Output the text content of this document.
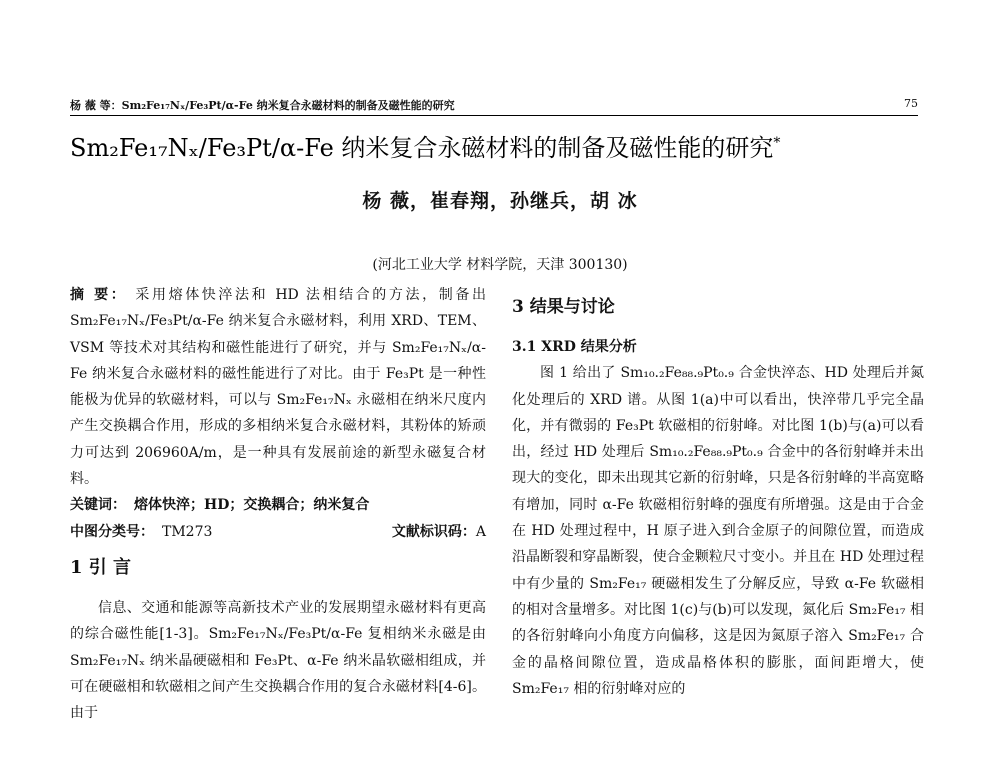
杨 薇 等：Sm₂Fe₁₇Nₓ/Fe₃Pt/α-Fe 纳米复合永磁材料的制备及磁性能的研究	75
Sm₂Fe₁₇Nₓ/Fe₃Pt/α-Fe 纳米复合永磁材料的制备及磁性能的研究*
杨 薇，崔春翔，孙继兵，胡 冰
(河北工业大学 材料学院，天津 300130)

摘 要： 采用熔体快淬法和 HD 法相结合的方法，制备出 Sm₂Fe₁₇Nₓ/Fe₃Pt/α-Fe 纳米复合永磁材料，利用 XRD、TEM、VSM 等技术对其结构和磁性能进行了研究，并与 Sm₂Fe₁₇Nₓ/α-Fe 纳米复合永磁材料的磁性能进行了对比。由于 Fe₃Pt 是一种性能极为优异的软磁材料，可以与 Sm₂Fe₁₇Nₓ 永磁相在纳米尺度内产生交换耦合作用，形成的多相纳米复合永磁材料，其粉体的矫顽力可达到 206960A/m，是一种具有发展前途的新型永磁复合材料。

关键词： 熔体快淬；HD；交换耦合；纳米复合

中图分类号： TM273	文献标识码：A
1 引 言

信息、交通和能源等高新技术产业的发展期望永磁材料有更高的综合磁性能[1-3]。Sm₂Fe₁₇Nₓ/Fe₃Pt/α-Fe 复相纳米永磁是由 Sm₂Fe₁₇Nₓ 纳米晶硬磁相和 Fe₃Pt、α-Fe 纳米晶软磁相组成，并可在硬磁相和软磁相之间产生交换耦合作用的复合永磁材料[4-6]。由于

3 结果与讨论
3.1 XRD 结果分析

图 1 给出了 Sm₁₀.₂Fe₈₈.₉Pt₀.₉ 合金快淬态、HD 处理后并氮化处理后的 XRD 谱。从图 1(a)中可以看出，快淬带几乎完全晶化，并有微弱的 Fe₃Pt 软磁相的衍射峰。对比图 1(b)与(a)可以看出，经过 HD 处理后 Sm₁₀.₂Fe₈₈.₉Pt₀.₉ 合金中的各衍射峰并未出现大的变化，即未出现其它新的衍射峰，只是各衍射峰的半高宽略有增加，同时 α-Fe 软磁相衍射峰的强度有所增强。这是由于合金在 HD 处理过程中，H 原子进入到合金原子的间隙位置，而造成沿晶断裂和穿晶断裂，使合金颗粒尺寸变小。并且在 HD 处理过程中有少量的 Sm₂Fe₁₇ 硬磁相发生了分解反应，导致 α-Fe 软磁相的相对含量增多。对比图 1(c)与(b)可以发现，氮化后 Sm₂Fe₁₇ 相的各衍射峰向小角度方向偏移，这是因为氮原子溶入 Sm₂Fe₁₇ 合金的晶格间隙位置，造成晶格体积的膨胀，面间距增大，使 Sm₂Fe₁₇ 相的衍射峰对应的
